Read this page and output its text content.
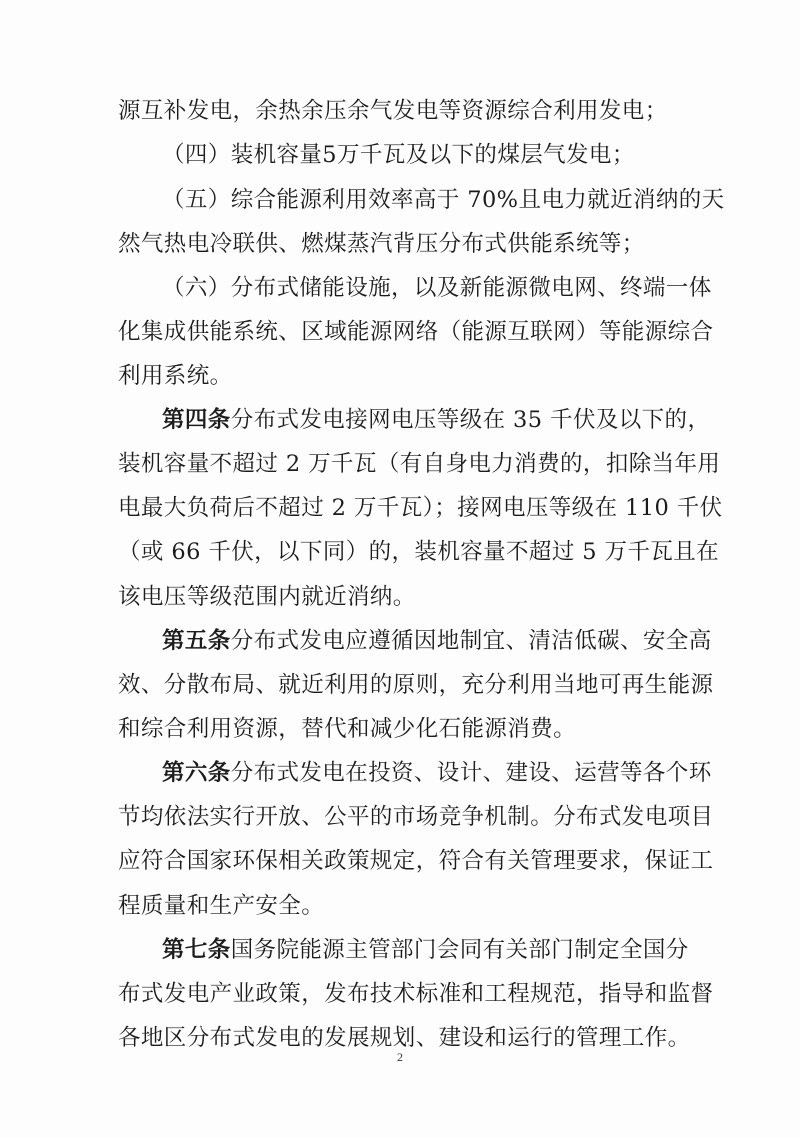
源互补发电，余热余压余气发电等资源综合利用发电；
（四）装机容量5万千瓦及以下的煤层气发电；
（五）综合能源利用效率高于 70%且电力就近消纳的天
然气热电冷联供、燃煤蒸汽背压分布式供能系统等；
（六）分布式储能设施，以及新能源微电网、终端一体
化集成供能系统、区域能源网络（能源互联网）等能源综合
利用系统。
第四条分布式发电接网电压等级在 35 千伏及以下的，
装机容量不超过 2 万千瓦（有自身电力消费的，扣除当年用
电最大负荷后不超过 2 万千瓦）；接网电压等级在 110 千伏
（或 66 千伏，以下同）的，装机容量不超过 5 万千瓦且在
该电压等级范围内就近消纳。
第五条分布式发电应遵循因地制宜、清洁低碳、安全高
效、分散布局、就近利用的原则，充分利用当地可再生能源
和综合利用资源，替代和减少化石能源消费。
第六条分布式发电在投资、设计、建设、运营等各个环
节均依法实行开放、公平的市场竞争机制。分布式发电项目
应符合国家环保相关政策规定，符合有关管理要求，保证工
程质量和生产安全。
第七条国务院能源主管部门会同有关部门制定全国分
布式发电产业政策，发布技术标准和工程规范，指导和监督
各地区分布式发电的发展规划、建设和运行的管理工作。
2
